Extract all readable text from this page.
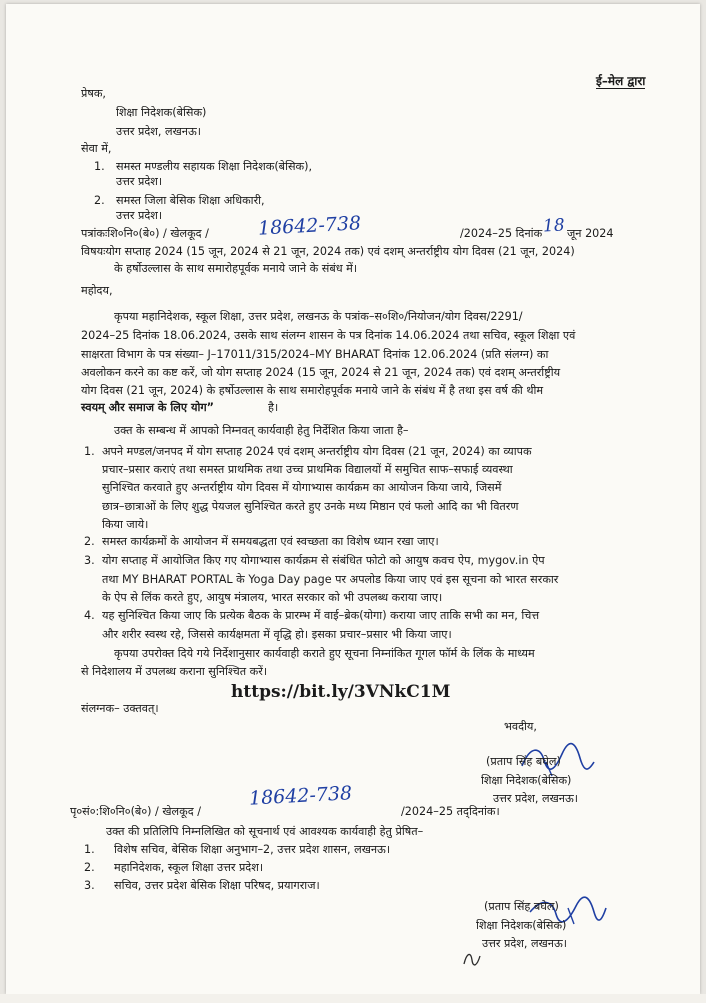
ई–मेल द्वारा
प्रेषक,
शिक्षा निदेशक(बेसिक)
उत्तर प्रदेश, लखनऊ।
सेवा में,
1. समस्त मण्डलीय सहायक शिक्षा निदेशक(बेसिक),
उत्तर प्रदेश।
2. समस्त जिला बेसिक शिक्षा अधिकारी,
उत्तर प्रदेश।
पत्रांकःशि०नि०(बे०) / खेलकूद /	18642-738	/2024–25 दिनांक 18 जून 2024
विषयःयोग सप्ताह 2024 (15 जून, 2024 से 21 जून, 2024 तक) एवं दशम् अन्तर्राष्ट्रीय योग दिवस (21 जून, 2024)
के हर्षोउल्लास के साथ समारोहपूर्वक मनाये जाने के संबंध में।
महोदय,
कृपया महानिदेशक, स्कूल शिक्षा, उत्तर प्रदेश, लखनऊ के पत्रांक–स०शि०/नियोजन/योग दिवस/2291/
2024–25 दिनांक 18.06.2024, उसके साथ संलग्न शासन के पत्र दिनांक 14.06.2024 तथा सचिव, स्कूल शिक्षा एवं
साक्षरता विभाग के पत्र संख्या– J–17011/315/2024–MY BHARAT दिनांक 12.06.2024 (प्रति संलग्न) का
अवलोकन करने का कष्ट करें, जो योग सप्ताह 2024 (15 जून, 2024 से 21 जून, 2024 तक) एवं दशम् अन्तर्राष्ट्रीय
योग दिवस (21 जून, 2024) के हर्षोउल्लास के साथ समारोहपूर्वक मनाये जाने के संबंध में है तथा इस वर्ष की थीम
स्वयम् और समाज के लिए योग”	है।
उक्त के सम्बन्ध में आपको निम्नवत् कार्यवाही हेतु निर्देशित किया जाता है–
1. अपने मण्डल/जनपद में योग सप्ताह 2024 एवं दशम् अन्तर्राष्ट्रीय योग दिवस (21 जून, 2024) का व्यापक
प्रचार–प्रसार कराएं तथा समस्त प्राथमिक तथा उच्च प्राथमिक विद्यालयों में समुचित साफ–सफाई व्यवस्था
सुनिश्चित करवाते हुए अन्तर्राष्ट्रीय योग दिवस में योगाभ्यास कार्यक्रम का आयोजन किया जाये, जिसमें
छात्र–छात्राओं के लिए शुद्ध पेयजल सुनिश्चित करते हुए उनके मध्य मिष्ठान एवं फलो आदि का भी वितरण
किया जाये।
2. समस्त कार्यक्रमों के आयोजन में समयबद्धता एवं स्वच्छता का विशेष ध्यान रखा जाए।
3. योग सप्ताह में आयोजित किए गए योगाभ्यास कार्यक्रम से संबंधित फोटो को आयुष कवच ऐप, mygov.in ऐप
तथा MY BHARAT PORTAL के Yoga Day page पर अपलोड किया जाए एवं इस सूचना को भारत सरकार
के ऐप से लिंक करते हुए, आयुष मंत्रालय, भारत सरकार को भी उपलब्ध कराया जाए।
4. यह सुनिश्चित किया जाए कि प्रत्येक बैठक के प्रारम्भ में वाई–ब्रेक(योगा) कराया जाए ताकि सभी का मन, चित्त
और शरीर स्वस्थ रहे, जिससे कार्यक्षमता में वृद्धि हो। इसका प्रचार–प्रसार भी किया जाए।
कृपया उपरोक्त दिये गये निर्देशानुसार कार्यवाही कराते हुए सूचना निम्नांकित गूगल फॉर्म के लिंक के माध्यम
से निदेशालय में उपलब्ध कराना सुनिश्चित करें।
https://bit.ly/3VNkC1M
संलग्नक– उक्तवत्।
भवदीय,
(प्रताप सिंह बघेल)
शिक्षा निदेशक(बेसिक)
उत्तर प्रदेश, लखनऊ।
पृ०सं०:शि०नि०(बे०) / खेलकूद /
18642-738
/2024–25 तद्‌दिनांक।
उक्त की प्रतिलिपि निम्नलिखित को सूचनार्थ एवं आवश्यक कार्यवाही हेतु प्रेषित–
1. विशेष सचिव, बेसिक शिक्षा अनुभाग–2, उत्तर प्रदेश शासन, लखनऊ।
2. महानिदेशक, स्कूल शिक्षा उत्तर प्रदेश।
3. सचिव, उत्तर प्रदेश बेसिक शिक्षा परिषद, प्रयागराज।
(प्रताप सिंह बघेल)
शिक्षा निदेशक(बेसिक)
उत्तर प्रदेश, लखनऊ।
